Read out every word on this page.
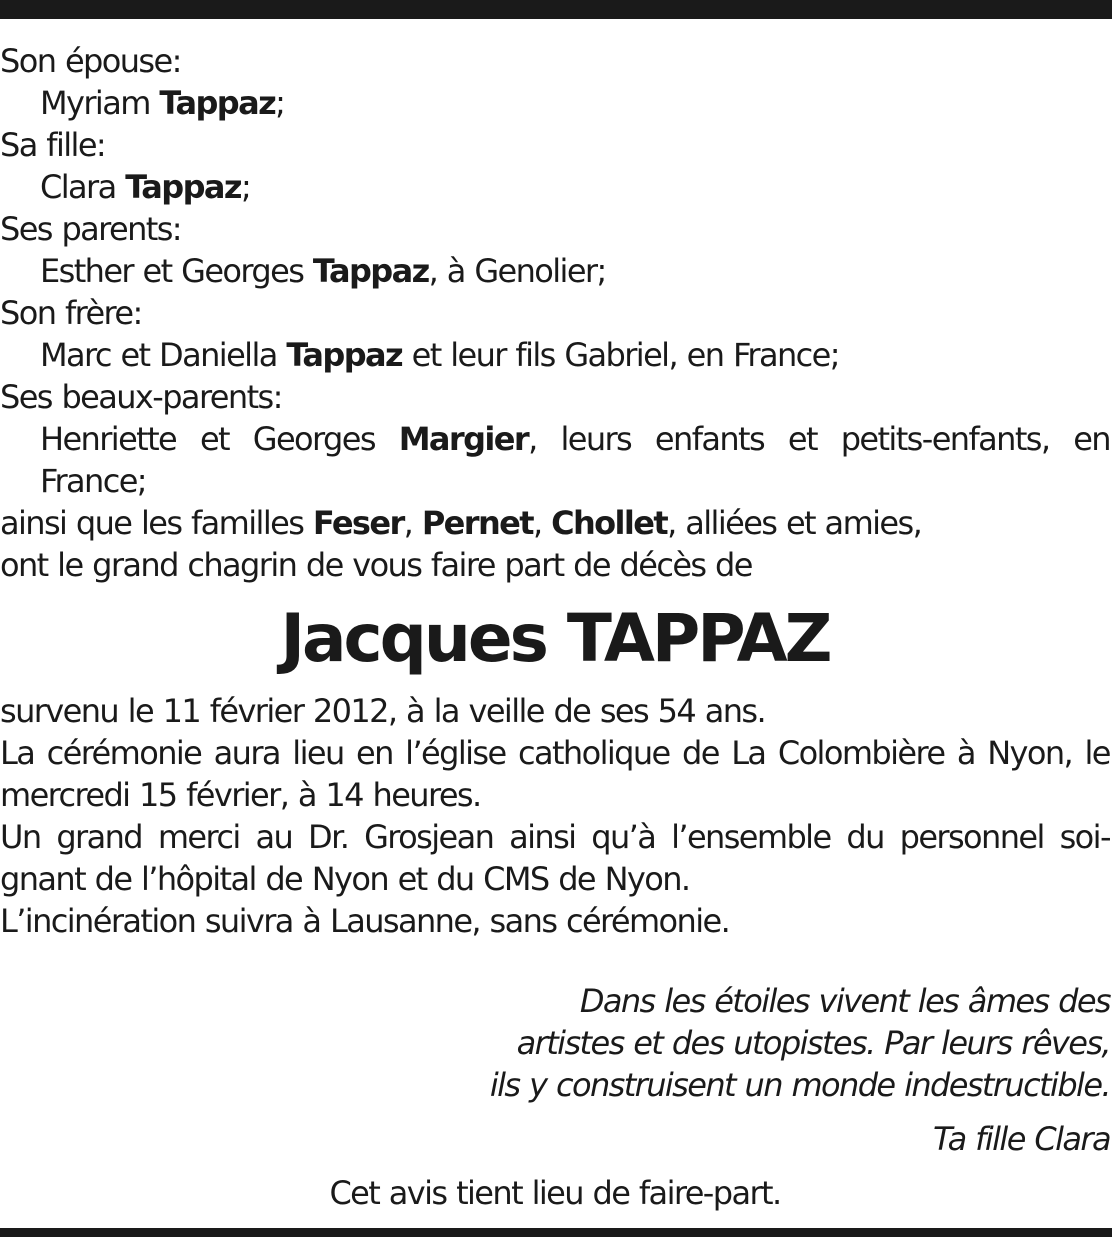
Son épouse:
Myriam Tappaz;
Sa fille:
Clara Tappaz;
Ses parents:
Esther et Georges Tappaz, à Genolier;
Son frère:
Marc et Daniella Tappaz et leur fils Gabriel, en France;
Ses beaux-parents:
Henriette et Georges Margier, leurs enfants et petits-enfants, en
France;
ainsi que les familles Feser, Pernet, Chollet, alliées et amies,
ont le grand chagrin de vous faire part de décès de
Jacques TAPPAZ
survenu le 11 février 2012, à la veille de ses 54 ans.
La cérémonie aura lieu en l’église catholique de La Colombière à Nyon, le
mercredi 15 février, à 14 heures.
Un grand merci au Dr. Grosjean ainsi qu’à l’ensemble du personnel soi-
gnant de l’hôpital de Nyon et du CMS de Nyon.
L’incinération suivra à Lausanne, sans cérémonie.
Dans les étoiles vivent les âmes des
artistes et des utopistes. Par leurs rêves,
ils y construisent un monde indestructible.
Ta fille Clara
Cet avis tient lieu de faire-part.
